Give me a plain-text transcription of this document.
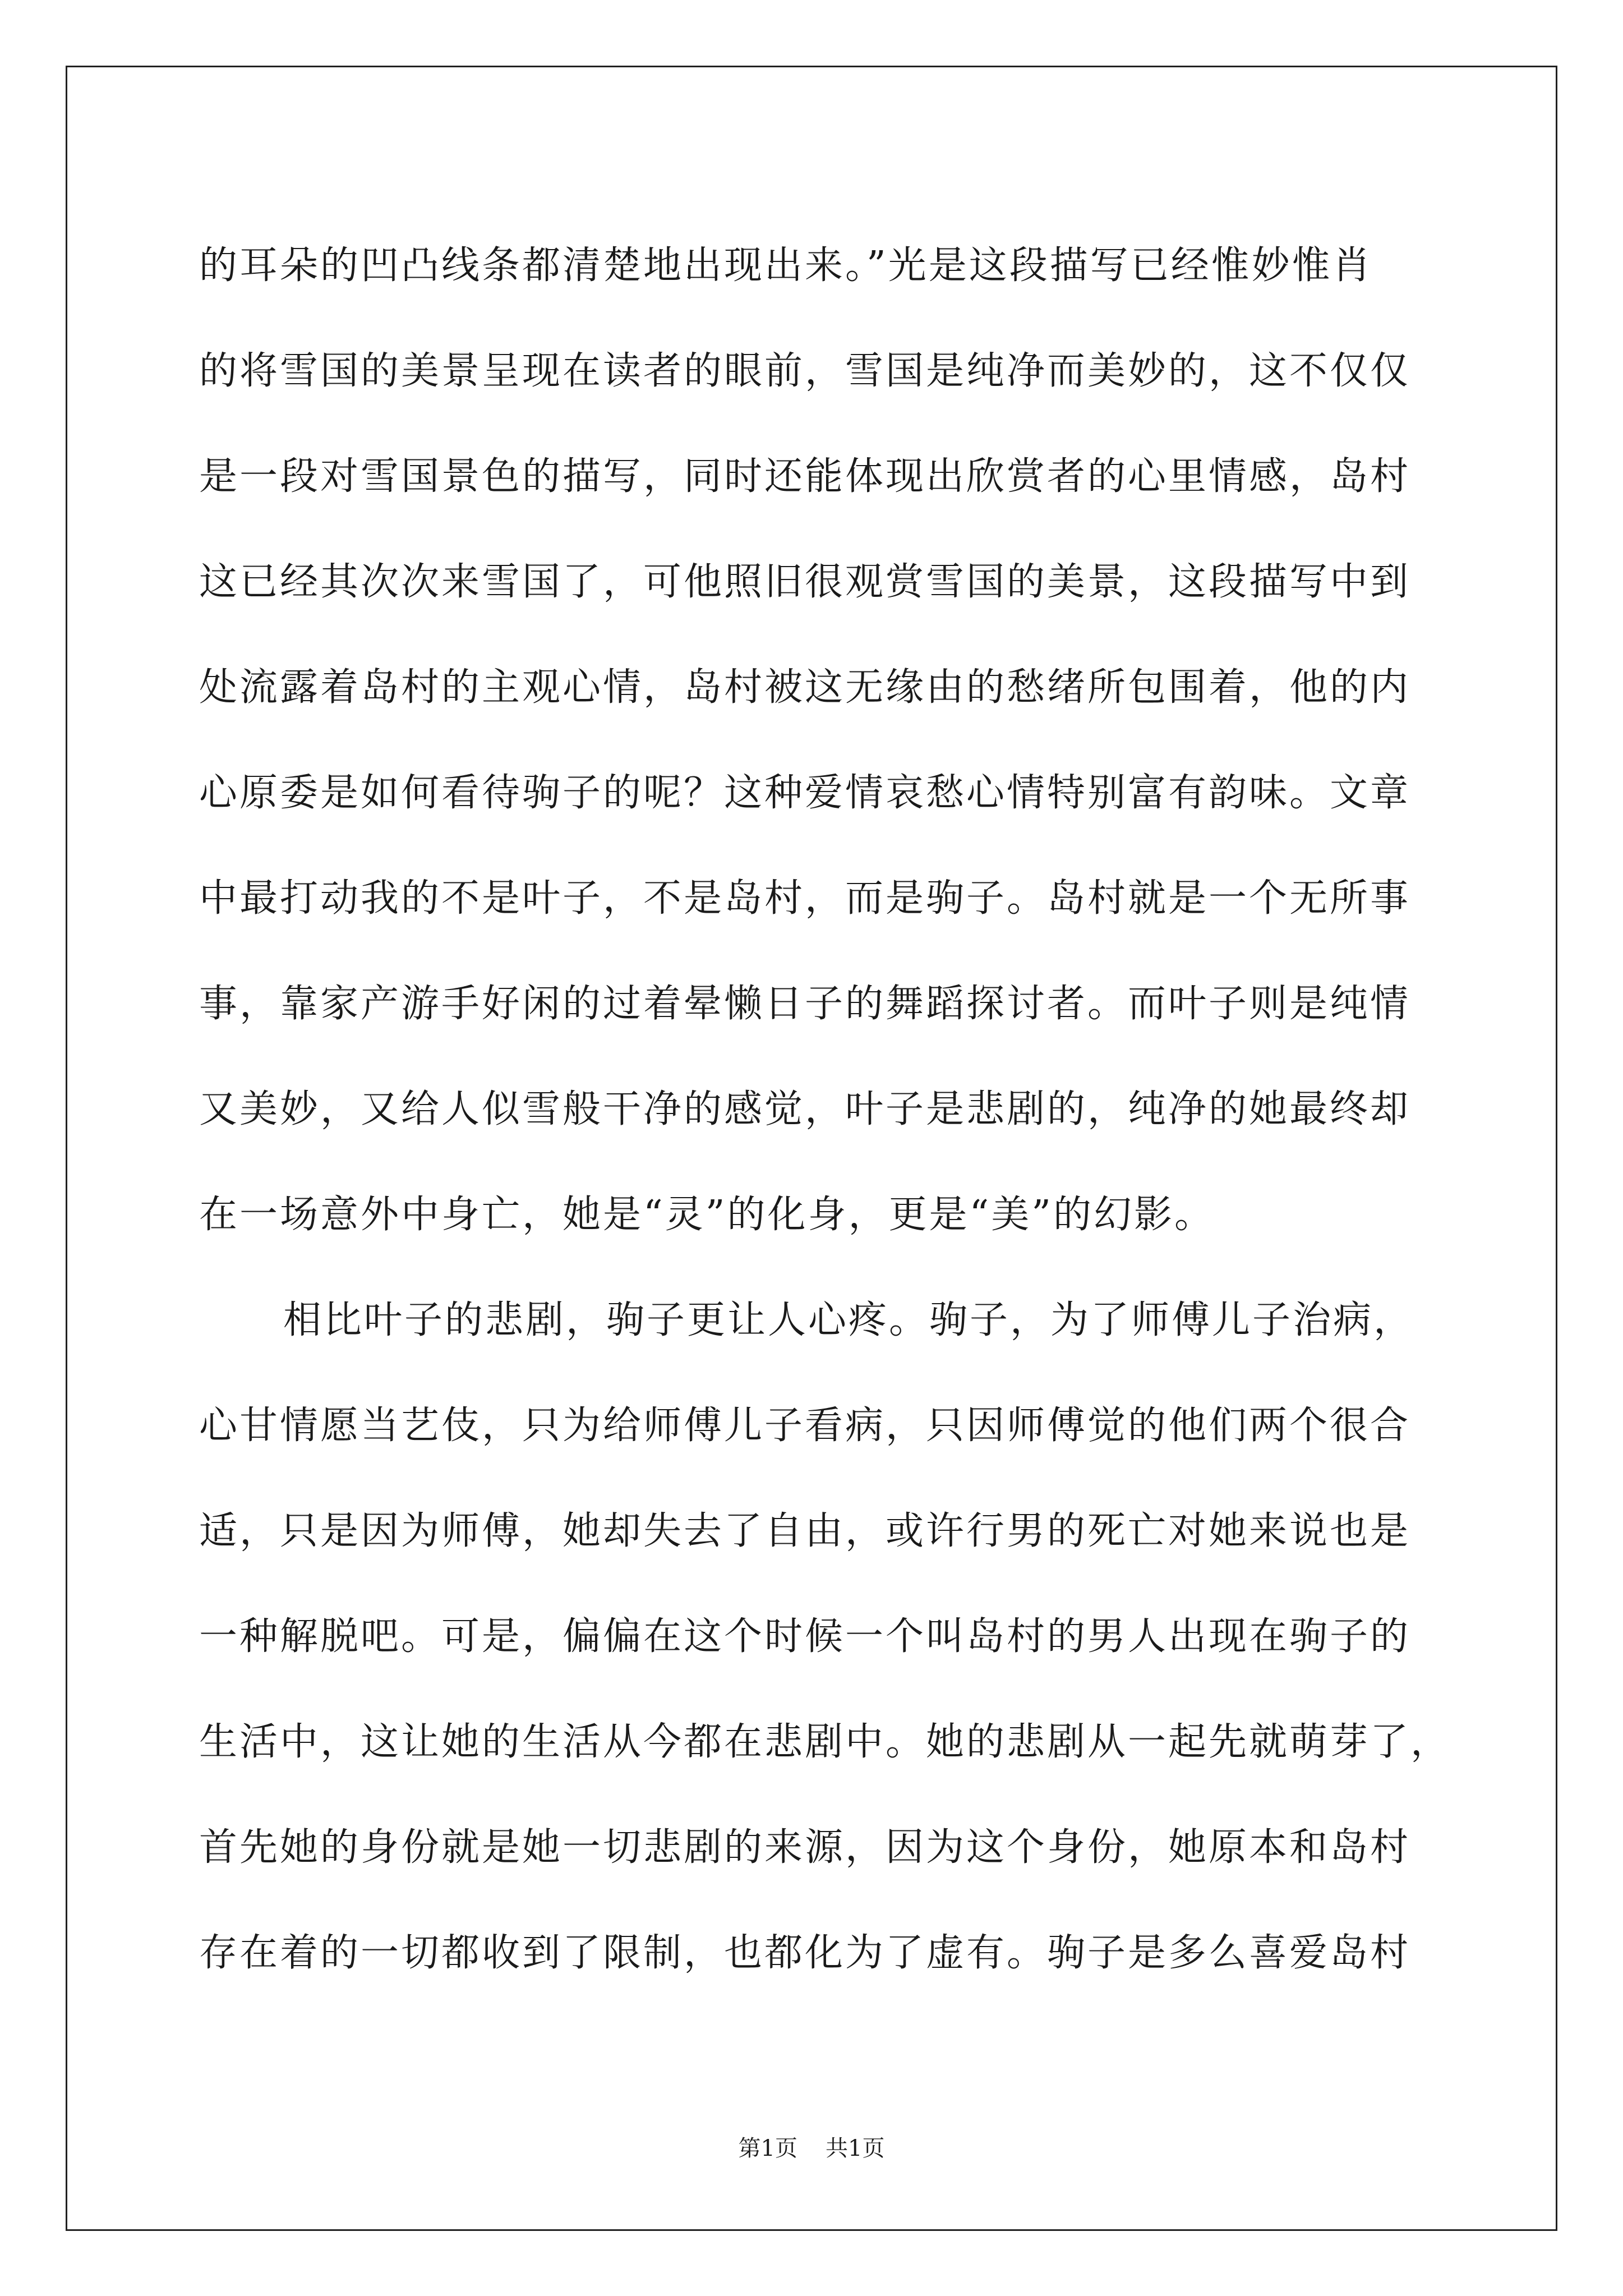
的耳朵的凹凸线条都清楚地出现出来。”光是这段描写已经惟妙惟肖
的将雪国的美景呈现在读者的眼前，雪国是纯净而美妙的，这不仅仅
是一段对雪国景色的描写，同时还能体现出欣赏者的心里情感，岛村
这已经其次次来雪国了，可他照旧很观赏雪国的美景，这段描写中到
处流露着岛村的主观心情，岛村被这无缘由的愁绪所包围着，他的内
心原委是如何看待驹子的呢？这种爱情哀愁心情特别富有韵味。文章
中最打动我的不是叶子，不是岛村，而是驹子。岛村就是一个无所事
事，靠家产游手好闲的过着晕懒日子的舞蹈探讨者。而叶子则是纯情
又美妙，又给人似雪般干净的感觉，叶子是悲剧的，纯净的她最终却
在一场意外中身亡，她是“灵”的化身，更是“美”的幻影。
相比叶子的悲剧，驹子更让人心疼。驹子，为了师傅儿子治病，
心甘情愿当艺伎，只为给师傅儿子看病，只因师傅觉的他们两个很合
适，只是因为师傅，她却失去了自由，或许行男的死亡对她来说也是
一种解脱吧。可是，偏偏在这个时候一个叫岛村的男人出现在驹子的
生活中，这让她的生活从今都在悲剧中。她的悲剧从一起先就萌芽了，
首先她的身份就是她一切悲剧的来源，因为这个身份，她原本和岛村
存在着的一切都收到了限制，也都化为了虚有。驹子是多么喜爱岛村
第1页 共1页
